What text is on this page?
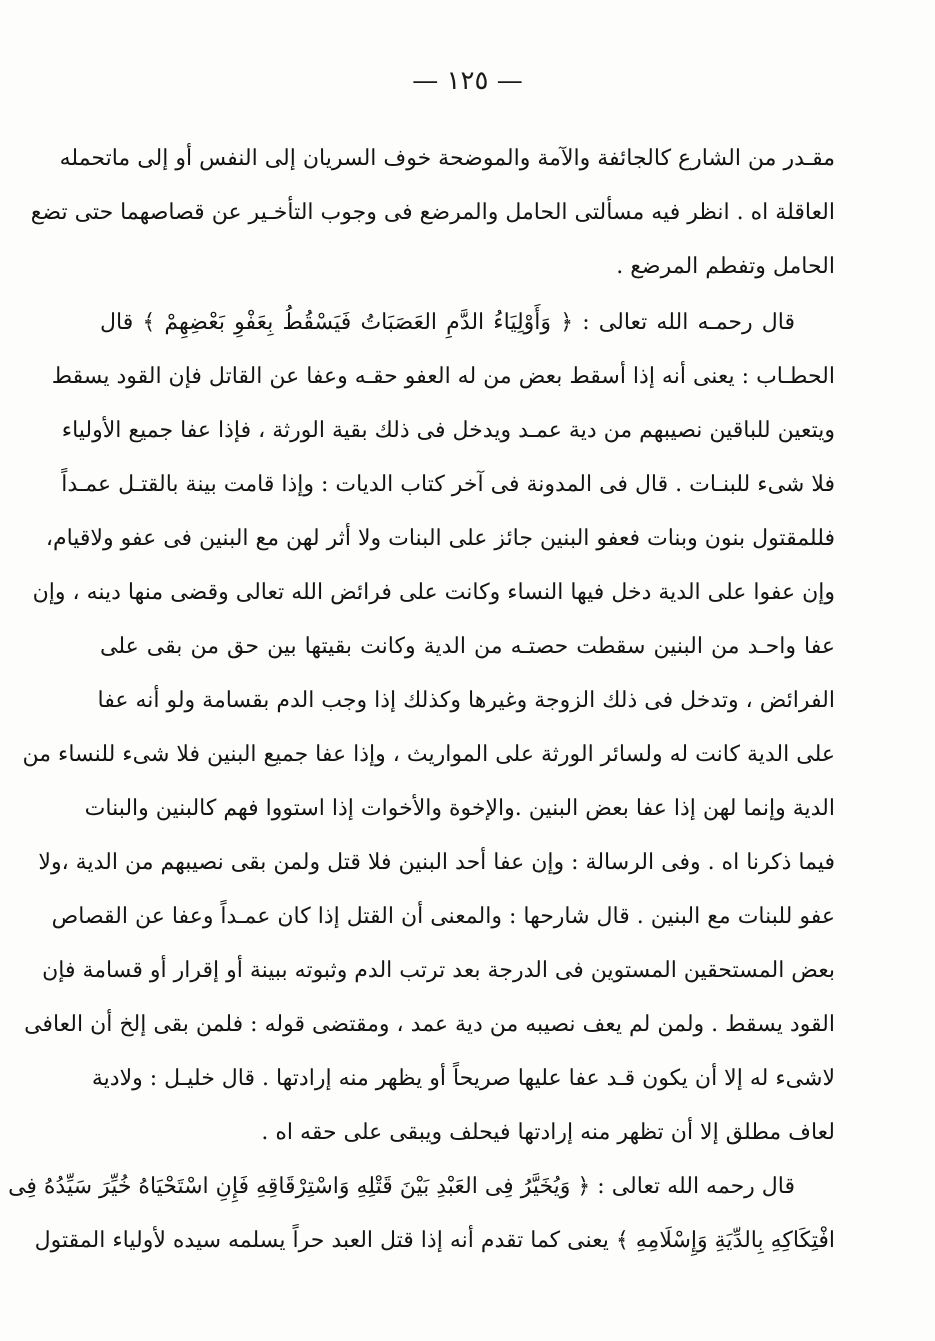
— ١٢٥ —
مقـدر من الشارع كالجائفة والآمة والموضحة خوف السريان إلى النفس أو إلى ماتحمله
العاقلة اه . انظر فيه مسألتى الحامل والمرضع فى وجوب التأخـير عن قصاصهما حتى تضع
الحامل وتفطم المرضع .
قال رحمـه الله تعالى : ﴿ وَأَوْلِيَاءُ الدَّمِ العَصَبَاتُ فَيَسْقُطُ بِعَفْوِ بَعْضِهِمْ ﴾ قال
الحطـاب : يعنى أنه إذا أسقط بعض من له العفو حقـه وعفا عن القاتل فإن القود يسقط
ويتعين للباقين نصيبهم من دية عمـد ويدخل فى ذلك بقية الورثة ، فإذا عفا جميع الأولياء
فلا شىء للبنـات . قال فى المدونة فى آخر كتاب الديات : وإذا قامت بينة بالقتـل عمـداً
فللمقتول بنون وبنات فعفو البنين جائز على البنات ولا أثر لهن مع البنين فى عفو ولاقيام،
وإن عفوا على الدية دخل فيها النساء وكانت على فرائض الله تعالى وقضى منها دينه ، وإن
عفا واحـد من البنين سقطت حصتـه من الدية وكانت بقيتها بين حق من بقى على
الفرائض ، وتدخل فى ذلك الزوجة وغيرها وكذلك إذا وجب الدم بقسامة ولو أنه عفا
على الدية كانت له ولسائر الورثة على المواريث ، وإذا عفا جميع البنين فلا شىء للنساء من
الدية وإنما لهن إذا عفا بعض البنين .والإخوة والأخوات إذا استووا فهم كالبنين والبنات
فيما ذكرنا اه . وفى الرسالة : وإن عفا أحد البنين فلا قتل ولمن بقى نصيبهم من الدية ،ولا
عفو للبنات مع البنين . قال شارحها : والمعنى أن القتل إذا كان عمـداً وعفا عن القصاص
بعض المستحقين المستوين فى الدرجة بعد ترتب الدم وثبوته ببينة أو إقرار أو قسامة فإن
القود يسقط . ولمن لم يعف نصيبه من دية عمد ، ومقتضى قوله : فلمن بقى إلخ أن العافى
لاشىء له إلا أن يكون قـد عفا عليها صريحاً أو يظهر منه إرادتها . قال خليـل : ولادية
لعاف مطلق إلا أن تظهر منه إرادتها فيحلف ويبقى على حقه اه .
قال رحمه الله تعالى : ﴿ وَيُخَيَّرُ فِى العَبْدِ بَيْنَ قَتْلِهِ وَاسْتِرْقَاقِهِ فَإِنِ اسْتَحْيَاهُ خُيِّرَ سَيِّدُهُ فِى
افْتِكَاكِهِ بِالدِّيَةِ وَإِسْلَامِهِ ﴾ يعنى كما تقدم أنه إذا قتل العبد حراً يسلمه سيده لأولياء المقتول
